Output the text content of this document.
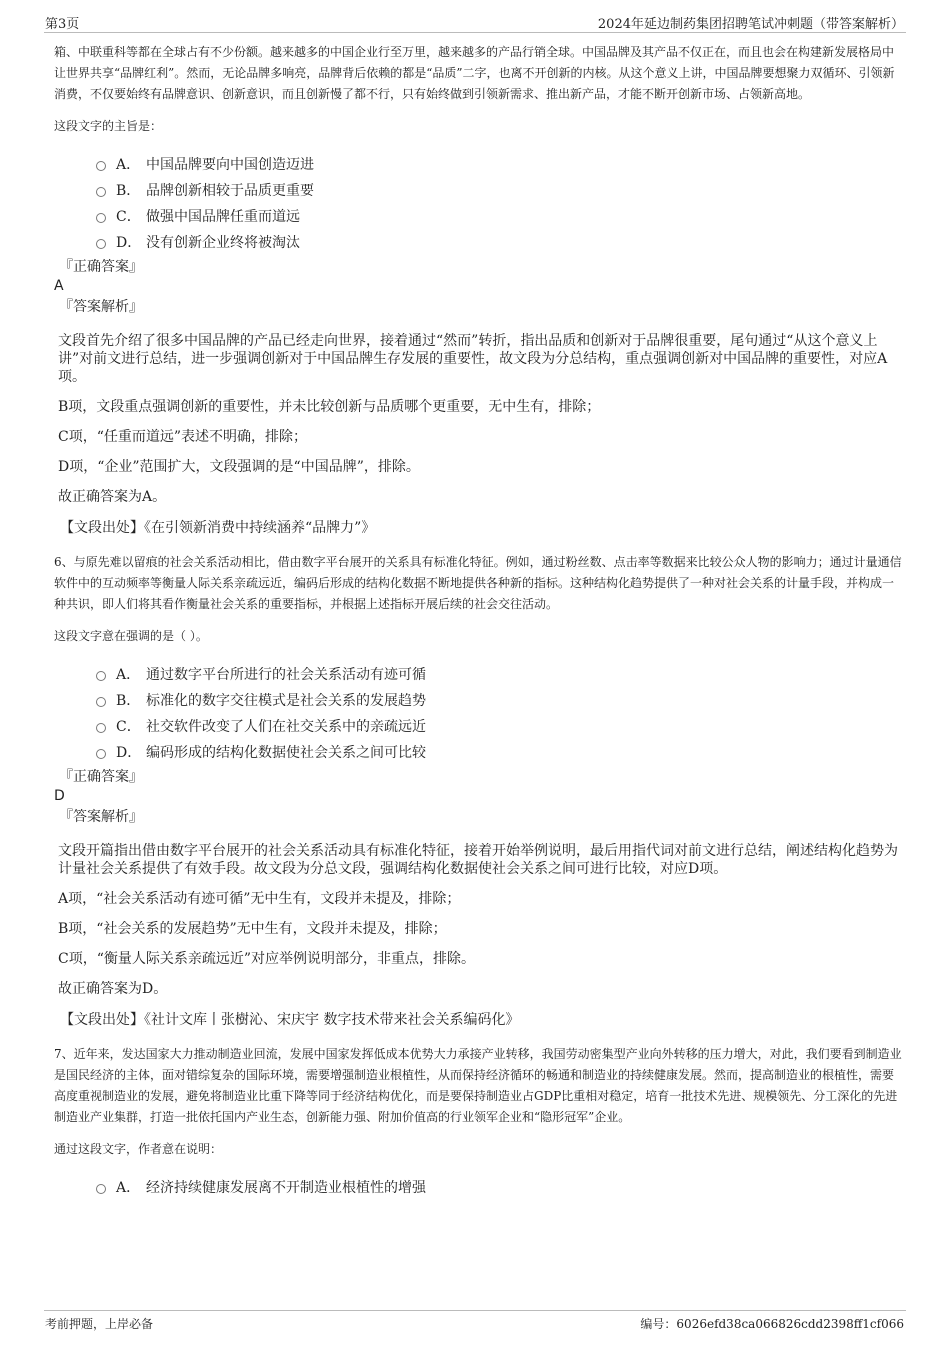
第3页	2024年延边制药集团招聘笔试冲刺题（带答案解析）

箱、中联重科等都在全球占有不少份额。越来越多的中国企业行至万里，越来越多的产品行销全球。中国品牌及其产品不仅正在，而且也会在构建新发展格局中让世界共享“品牌红利”。然而，无论品牌多响亮，品牌背后依赖的都是“品质”二字，也离不开创新的内核。从这个意义上讲，中国品牌要想聚力双循环、引领新消费，不仅要始终有品牌意识、创新意识，而且创新慢了都不行，只有始终做到引领新需求、推出新产品，才能不断开创新市场、占领新高地。

这段文字的主旨是：

A． 中国品牌要向中国创造迈进
B． 品牌创新相较于品质更重要
C． 做强中国品牌任重而道远
D． 没有创新企业终将被淘汰

『正确答案』

A

『答案解析』

文段首先介绍了很多中国品牌的产品已经走向世界，接着通过“然而”转折，指出品质和创新对于品牌很重要，尾句通过“从这个意义上讲”对前文进行总结，进一步强调创新对于中国品牌生存发展的重要性，故文段为分总结构，重点强调创新对中国品牌的重要性，对应A项。

B项，文段重点强调创新的重要性，并未比较创新与品质哪个更重要，无中生有，排除；

C项，“任重而道远”表述不明确，排除；

D项，“企业”范围扩大，文段强调的是“中国品牌”，排除。

故正确答案为A。

【文段出处】《在引领新消费中持续涵养“品牌力”》

6、与原先难以留痕的社会关系活动相比，借由数字平台展开的关系具有标准化特征。例如，通过粉丝数、点击率等数据来比较公众人物的影响力；通过计量通信软件中的互动频率等衡量人际关系亲疏远近，编码后形成的结构化数据不断地提供各种新的指标。这种结构化趋势提供了一种对社会关系的计量手段，并构成一种共识，即人们将其看作衡量社会关系的重要指标，并根据上述指标开展后续的社会交往活动。

这段文字意在强调的是（ ）。

A． 通过数字平台所进行的社会关系活动有迹可循
B． 标准化的数字交往模式是社会关系的发展趋势
C． 社交软件改变了人们在社交关系中的亲疏远近
D． 编码形成的结构化数据使社会关系之间可比较

『正确答案』

D

『答案解析』

文段开篇指出借由数字平台展开的社会关系活动具有标准化特征，接着开始举例说明，最后用指代词对前文进行总结，阐述结构化趋势为计量社会关系提供了有效手段。故文段为分总文段，强调结构化数据使社会关系之间可进行比较，对应D项。

A项，“社会关系活动有迹可循”无中生有，文段并未提及，排除；

B项，“社会关系的发展趋势”无中生有，文段并未提及，排除；

C项，“衡量人际关系亲疏远近”对应举例说明部分，非重点，排除。

故正确答案为D。

【文段出处】《社计文库丨张樹沁、宋庆宇 数字技术带来社会关系编码化》

7、近年来，发达国家大力推动制造业回流，发展中国家发挥低成本优势大力承接产业转移，我国劳动密集型产业向外转移的压力增大，对此，我们要看到制造业是国民经济的主体，面对错综复杂的国际环境，需要增强制造业根植性，从而保持经济循环的畅通和制造业的持续健康发展。然而，提高制造业的根植性，需要高度重视制造业的发展，避免将制造业比重下降等同于经济结构优化，而是要保持制造业占GDP比重相对稳定，培育一批技术先进、规模领先、分工深化的先进制造业产业集群，打造一批依托国内产业生态，创新能力强、附加价值高的行业领军企业和“隐形冠军”企业。

通过这段文字，作者意在说明：

A． 经济持续健康发展离不开制造业根植性的增强
考前押题，上岸必备	编号：6026efd38ca066826cdd2398ff1cf066
